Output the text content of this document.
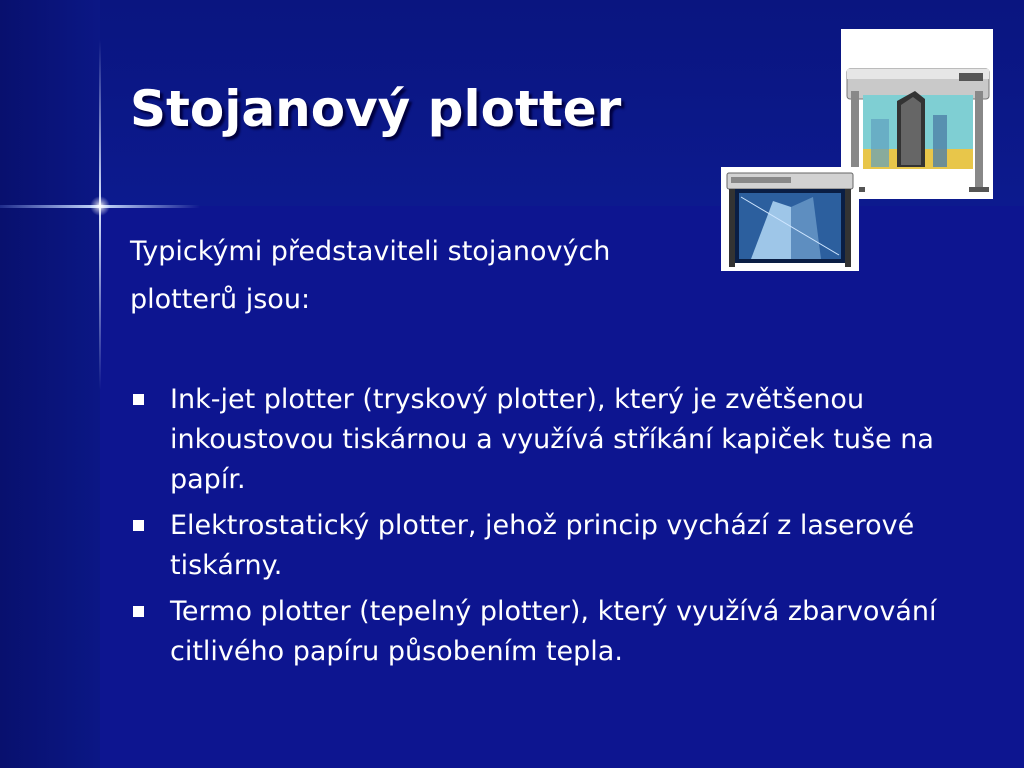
Stojanový plotter
Typickými představiteli stojanových
plotterů jsou:
Ink-jet plotter (tryskový plotter), který je zvětšenou inkoustovou tiskárnou a využívá stříkání kapiček tuše na papír.
Elektrostatický plotter, jehož princip vychází z laserové tiskárny.
Termo plotter (tepelný plotter), který využívá zbarvování citlivého papíru působením tepla.
